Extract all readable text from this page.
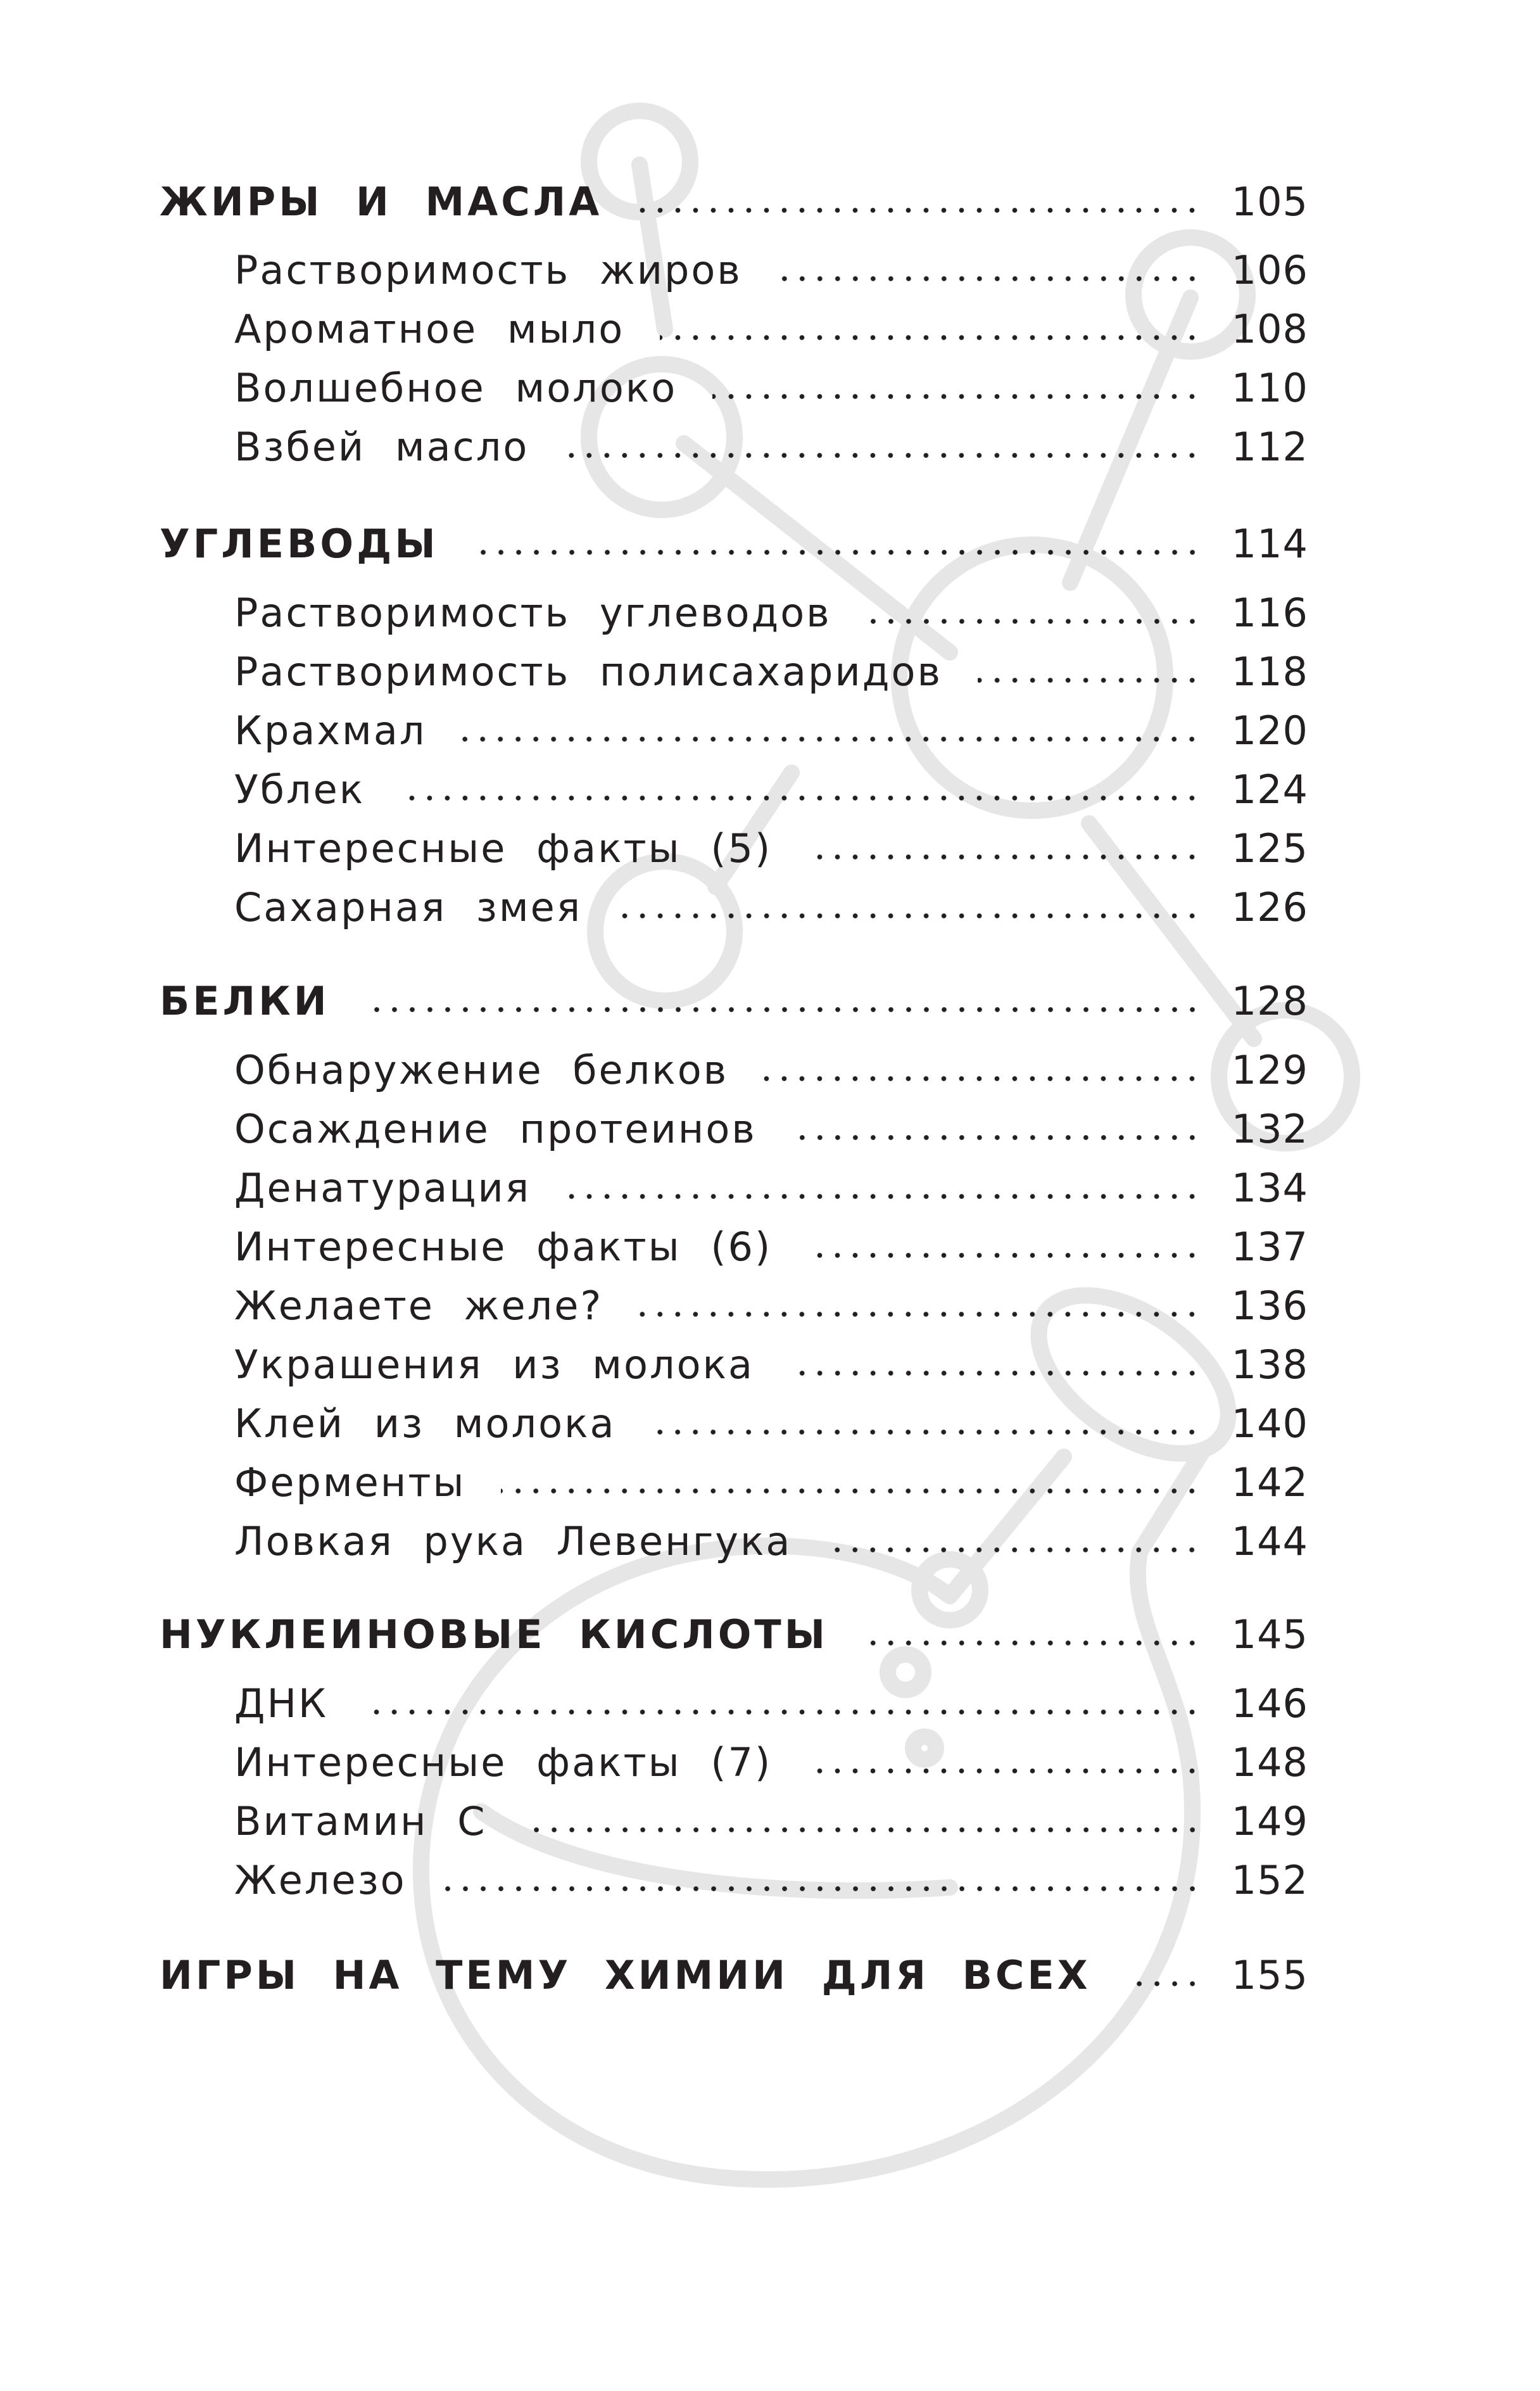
ЖИРЫ И МАСЛА	105
Растворимость жиров	106
Ароматное мыло	108
Волшебное молоко	110
Взбей масло	112
УГЛЕВОДЫ	114
Растворимость углеводов	116
Растворимость полисахаридов	118
Крахмал	120
Ублек	124
Интересные факты (5)	125
Сахарная змея	126
БЕЛКИ	128
Обнаружение белков	129
Осаждение протеинов	132
Денатурация	134
Интересные факты (6)	137
Желаете желе?	136
Украшения из молока	138
Клей из молока	140
Ферменты	142
Ловкая рука Левенгука	144
НУКЛЕИНОВЫЕ КИСЛОТЫ	145
ДНК	146
Интересные факты (7)	148
Витамин С	149
Железо	152
ИГРЫ НА ТЕМУ ХИМИИ ДЛЯ ВСЕХ	155
